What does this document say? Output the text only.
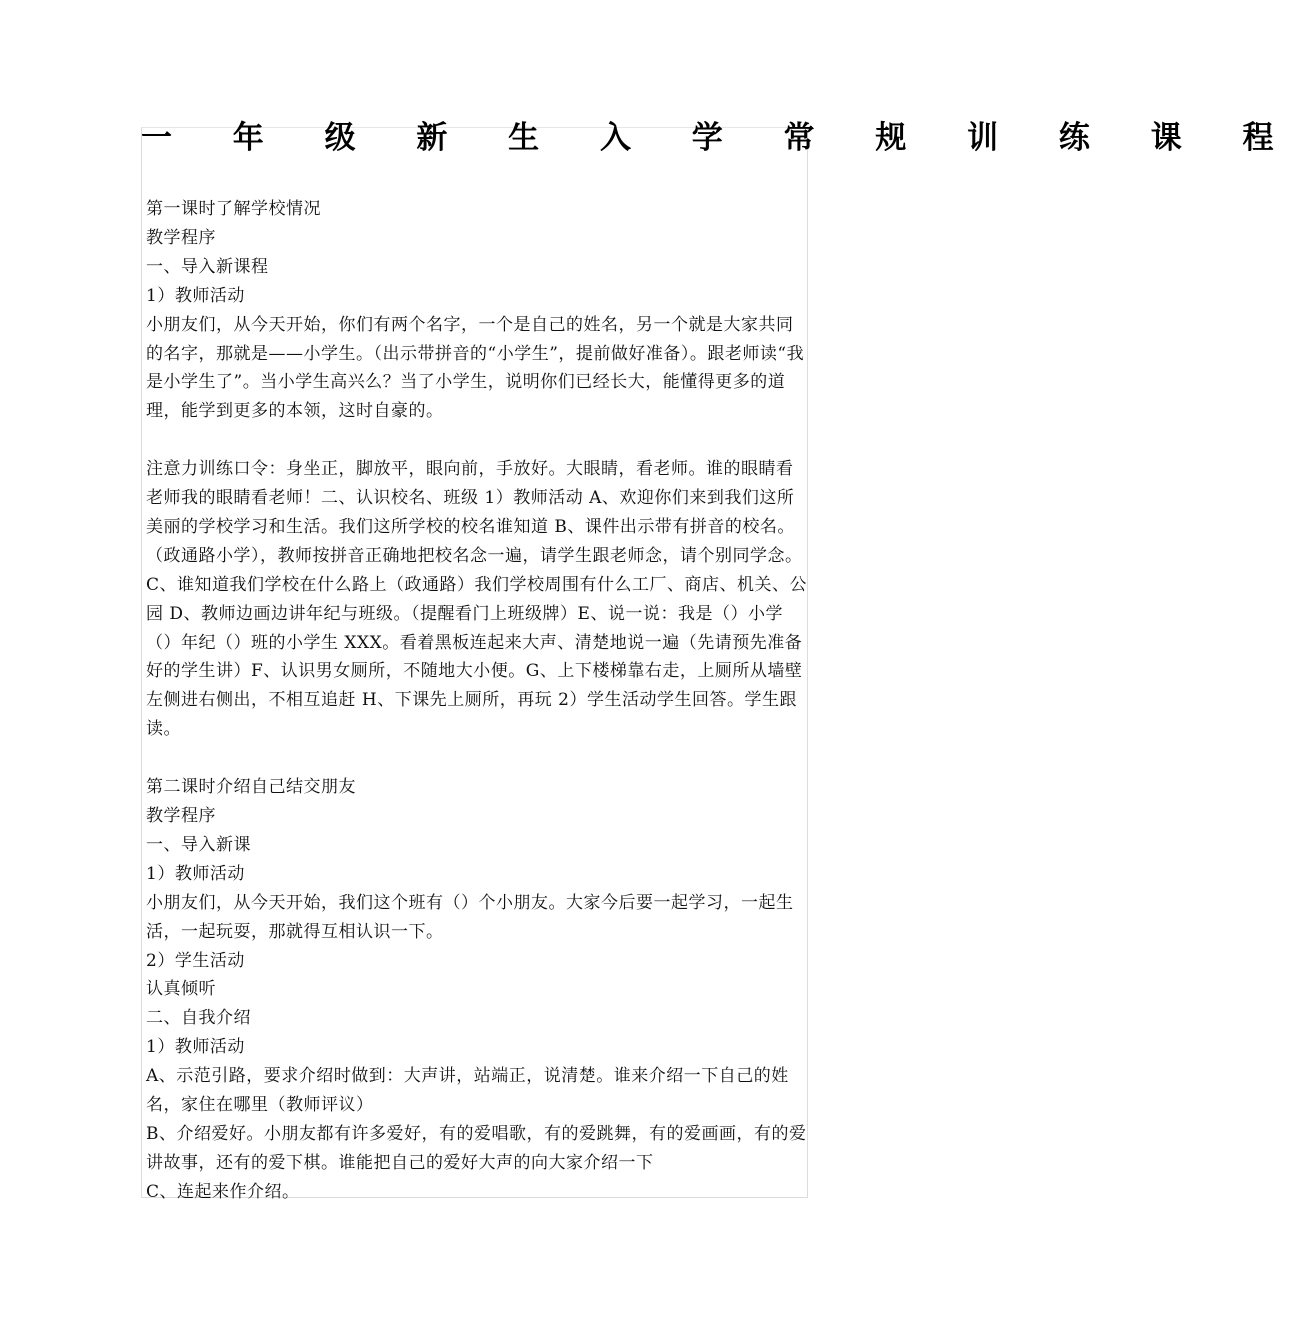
一 年 级 新 生 入 学 常 规 训 练 课 程

第一课时了解学校情况

教学程序

一、导入新课程

1）教师活动

小朋友们，从今天开始，你们有两个名字，一个是自己的姓名，另一个就是大家共同的名字，那就是——小学生。（出示带拼音的“小学生”，提前做好准备）。跟老师读“我是小学生了”。当小学生高兴么？当了小学生，说明你们已经长大，能懂得更多的道理，能学到更多的本领，这时自豪的。

注意力训练口令：身坐正，脚放平，眼向前，手放好。大眼睛，看老师。谁的眼睛看老师我的眼睛看老师！二、认识校名、班级 1）教师活动 A、欢迎你们来到我们这所美丽的学校学习和生活。我们这所学校的校名谁知道 B、课件出示带有拼音的校名。（政通路小学），教师按拼音正确地把校名念一遍，请学生跟老师念，请个别同学念。C、谁知道我们学校在什么路上（政通路）我们学校周围有什么工厂、商店、机关、公园 D、教师边画边讲年纪与班级。（提醒看门上班级牌）E、说一说：我是（）小学（）年纪（）班的小学生 XXX。看着黑板连起来大声、清楚地说一遍（先请预先准备好的学生讲）F、认识男女厕所，不随地大小便。G、上下楼梯靠右走，上厕所从墙壁左侧进右侧出，不相互追赶 H、下课先上厕所，再玩 2）学生活动学生回答。学生跟读。

第二课时介绍自己结交朋友

教学程序

一、导入新课

1）教师活动

小朋友们，从今天开始，我们这个班有（）个小朋友。大家今后要一起学习，一起生活，一起玩耍，那就得互相认识一下。

2）学生活动

认真倾听

二、自我介绍

1）教师活动

A、示范引路，要求介绍时做到：大声讲，站端正，说清楚。谁来介绍一下自己的姓名，家住在哪里（教师评议）

B、介绍爱好。小朋友都有许多爱好，有的爱唱歌，有的爱跳舞，有的爱画画，有的爱讲故事，还有的爱下棋。谁能把自己的爱好大声的向大家介绍一下

C、连起来作介绍。
